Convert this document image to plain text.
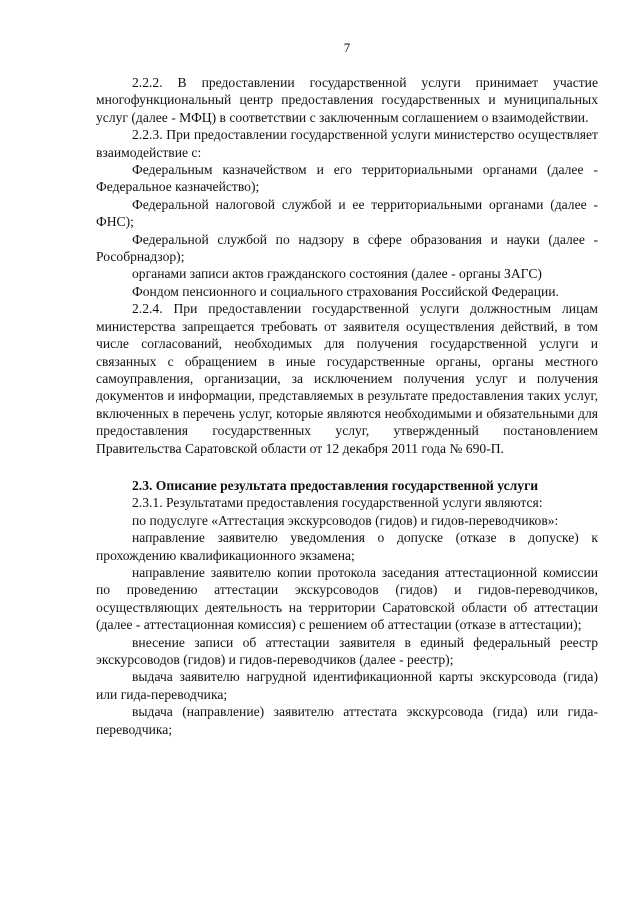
7

2.2.2. В предоставлении государственной услуги принимает участие многофункциональный центр предоставления государственных и муниципальных услуг (далее - МФЦ) в соответствии с заключенным соглашением о взаимодействии.

2.2.3. При предоставлении государственной услуги министерство осуществляет взаимодействие с:

Федеральным казначейством и его территориальными органами (далее - Федеральное казначейство);

Федеральной налоговой службой и ее территориальными органами (далее - ФНС);

Федеральной службой по надзору в сфере образования и науки (далее - Рособрнадзор);

органами записи актов гражданского состояния (далее - органы ЗАГС)

Фондом пенсионного и социального страхования Российской Федерации.

2.2.4. При предоставлении государственной услуги должностным лицам министерства запрещается требовать от заявителя осуществления действий, в том числе согласований, необходимых для получения государственной услуги и связанных с обращением в иные государственные органы, органы местного самоуправления, организации, за исключением получения услуг и получения документов и информации, представляемых в результате предоставления таких услуг, включенных в перечень услуг, которые являются необходимыми и обязательными для предоставления государственных услуг, утвержденный постановлением Правительства Саратовской области от 12 декабря 2011 года № 690-П.

2.3. Описание результата предоставления государственной услуги

2.3.1. Результатами предоставления государственной услуги являются:

по подуслуге «Аттестация экскурсоводов (гидов) и гидов-переводчиков»:

направление заявителю уведомления о допуске (отказе в допуске) к прохождению квалификационного экзамена;

направление заявителю копии протокола заседания аттестационной комиссии по проведению аттестации экскурсоводов (гидов) и гидов-переводчиков, осуществляющих деятельность на территории Саратовской области об аттестации (далее - аттестационная комиссия) с решением об аттестации (отказе в аттестации);

внесение записи об аттестации заявителя в единый федеральный реестр экскурсоводов (гидов) и гидов-переводчиков (далее - реестр);

выдача заявителю нагрудной идентификационной карты экскурсовода (гида) или гида-переводчика;

выдача (направление) заявителю аттестата экскурсовода (гида) или гида-переводчика;
